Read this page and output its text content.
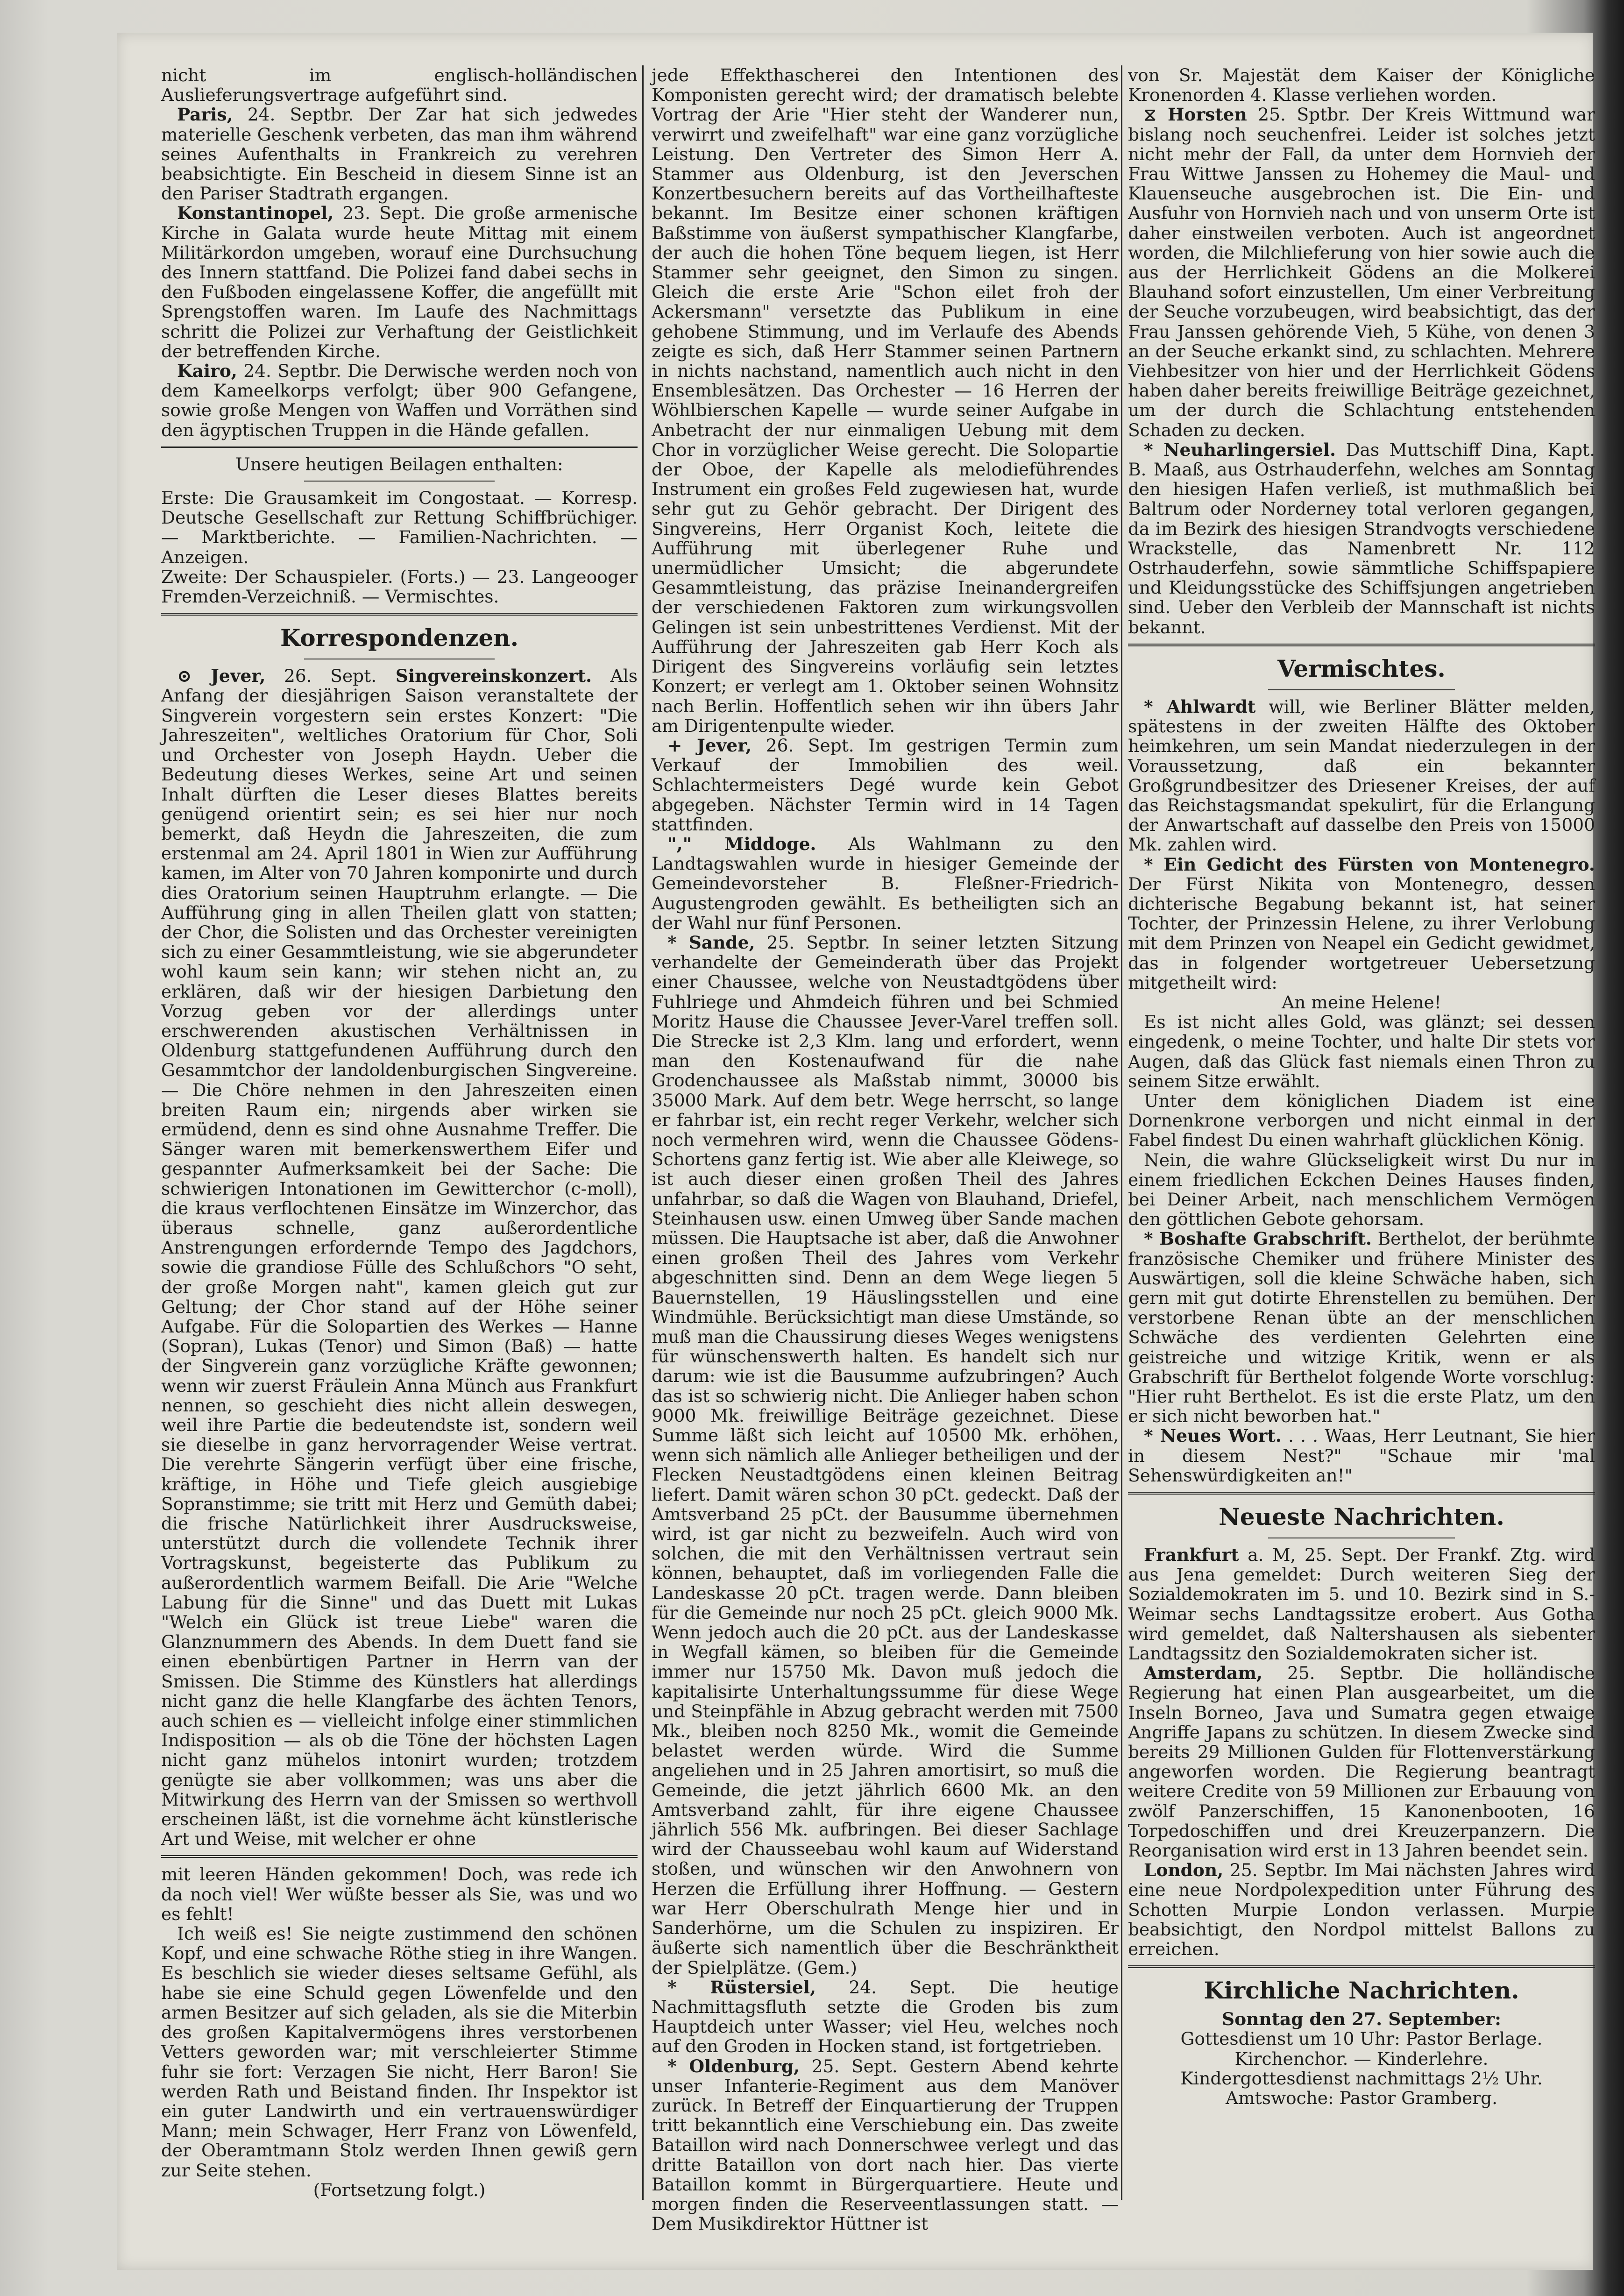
nicht im englisch-holländischen Auslieferungsvertrage aufgeführt sind.

Paris, 24. Septbr. Der Zar hat sich jedwedes materielle Geschenk verbeten, das man ihm während seines Aufenthalts in Frankreich zu verehren beabsichtigte. Ein Bescheid in diesem Sinne ist an den Pariser Stadtrath ergangen.

Konstantinopel, 23. Sept. Die große armenische Kirche in Galata wurde heute Mittag mit einem Militärkordon umgeben, worauf eine Durchsuchung des Innern stattfand. Die Polizei fand dabei sechs in den Fußboden eingelassene Koffer, die angefüllt mit Sprengstoffen waren. Im Laufe des Nachmittags schritt die Polizei zur Verhaftung der Geistlichkeit der betreffenden Kirche.

Kairo, 24. Septbr. Die Derwische werden noch von dem Kameelkorps verfolgt; über 900 Gefangene, sowie große Mengen von Waffen und Vorräthen sind den ägyptischen Truppen in die Hände gefallen.

Unsere heutigen Beilagen enthalten:

Erste: Die Grausamkeit im Congostaat. — Korresp. Deutsche Gesellschaft zur Rettung Schiffbrüchiger. — Marktberichte. — Familien-Nachrichten. — Anzeigen.

Zweite: Der Schauspieler. (Forts.) — 23. Langeooger Fremden-Verzeichniß. — Vermischtes.

Korrespondenzen.

⊙ Jever, 26. Sept. Singvereinskonzert. Als Anfang der diesjährigen Saison veranstaltete der Singverein vorgestern sein erstes Konzert: "Die Jahreszeiten", weltliches Oratorium für Chor, Soli und Orchester von Joseph Haydn. Ueber die Bedeutung dieses Werkes, seine Art und seinen Inhalt dürften die Leser dieses Blattes bereits genügend orientirt sein; es sei hier nur noch bemerkt, daß Heydn die Jahreszeiten, die zum erstenmal am 24. April 1801 in Wien zur Aufführung kamen, im Alter von 70 Jahren komponirte und durch dies Oratorium seinen Hauptruhm erlangte. — Die Aufführung ging in allen Theilen glatt von statten; der Chor, die Solisten und das Orchester vereinigten sich zu einer Gesammtleistung, wie sie abgerundeter wohl kaum sein kann; wir stehen nicht an, zu erklären, daß wir der hiesigen Darbietung den Vorzug geben vor der allerdings unter erschwerenden akustischen Verhältnissen in Oldenburg stattgefundenen Aufführung durch den Gesammtchor der landoldenburgischen Singvereine. — Die Chöre nehmen in den Jahreszeiten einen breiten Raum ein; nirgends aber wirken sie ermüdend, denn es sind ohne Ausnahme Treffer. Die Sänger waren mit bemerkenswerthem Eifer und gespannter Aufmerksamkeit bei der Sache: Die schwierigen Intonationen im Gewitterchor (c-moll), die kraus verflochtenen Einsätze im Winzerchor, das überaus schnelle, ganz außerordentliche Anstrengungen erfordernde Tempo des Jagdchors, sowie die grandiose Fülle des Schlußchors "O seht, der große Morgen naht", kamen gleich gut zur Geltung; der Chor stand auf der Höhe seiner Aufgabe. Für die Solopartien des Werkes — Hanne (Sopran), Lukas (Tenor) und Simon (Baß) — hatte der Singverein ganz vorzügliche Kräfte gewonnen; wenn wir zuerst Fräulein Anna Münch aus Frankfurt nennen, so geschieht dies nicht allein deswegen, weil ihre Partie die bedeutendste ist, sondern weil sie dieselbe in ganz hervorragender Weise vertrat. Die verehrte Sängerin verfügt über eine frische, kräftige, in Höhe und Tiefe gleich ausgiebige Sopranstimme; sie tritt mit Herz und Gemüth dabei; die frische Natürlichkeit ihrer Ausdrucksweise, unterstützt durch die vollendete Technik ihrer Vortragskunst, begeisterte das Publikum zu außerordentlich warmem Beifall. Die Arie "Welche Labung für die Sinne" und das Duett mit Lukas "Welch ein Glück ist treue Liebe" waren die Glanznummern des Abends. In dem Duett fand sie einen ebenbürtigen Partner in Herrn van der Smissen. Die Stimme des Künstlers hat allerdings nicht ganz die helle Klangfarbe des ächten Tenors, auch schien es — vielleicht infolge einer stimmlichen Indisposition — als ob die Töne der höchsten Lagen nicht ganz mühelos intonirt wurden; trotzdem genügte sie aber vollkommen; was uns aber die Mitwirkung des Herrn van der Smissen so werthvoll erscheinen läßt, ist die vornehme ächt künstlerische Art und Weise, mit welcher er ohne

mit leeren Händen gekommen! Doch, was rede ich da noch viel! Wer wüßte besser als Sie, was und wo es fehlt!

Ich weiß es! Sie neigte zustimmend den schönen Kopf, und eine schwache Röthe stieg in ihre Wangen. Es beschlich sie wieder dieses seltsame Gefühl, als habe sie eine Schuld gegen Löwenfelde und den armen Besitzer auf sich geladen, als sie die Miterbin des großen Kapitalvermögens ihres verstorbenen Vetters geworden war; mit verschleierter Stimme fuhr sie fort: Verzagen Sie nicht, Herr Baron! Sie werden Rath und Beistand finden. Ihr Inspektor ist ein guter Landwirth und ein vertrauenswürdiger Mann; mein Schwager, Herr Franz von Löwenfeld, der Oberamtmann Stolz werden Ihnen gewiß gern zur Seite stehen.

(Fortsetzung folgt.)

jede Effekthascherei den Intentionen des Komponisten gerecht wird; der dramatisch belebte Vortrag der Arie "Hier steht der Wanderer nun, verwirrt und zweifelhaft" war eine ganz vorzügliche Leistung. Den Vertreter des Simon Herr A. Stammer aus Oldenburg, ist den Jeverschen Konzertbesuchern bereits auf das Vortheilhafteste bekannt. Im Besitze einer schonen kräftigen Baßstimme von äußerst sympathischer Klangfarbe, der auch die hohen Töne bequem liegen, ist Herr Stammer sehr geeignet, den Simon zu singen. Gleich die erste Arie "Schon eilet froh der Ackersmann" versetzte das Publikum in eine gehobene Stimmung, und im Verlaufe des Abends zeigte es sich, daß Herr Stammer seinen Partnern in nichts nachstand, namentlich auch nicht in den Ensemblesätzen. Das Orchester — 16 Herren der Wöhlbierschen Kapelle — wurde seiner Aufgabe in Anbetracht der nur einmaligen Uebung mit dem Chor in vorzüglicher Weise gerecht. Die Solopartie der Oboe, der Kapelle als melodieführendes Instrument ein großes Feld zugewiesen hat, wurde sehr gut zu Gehör gebracht. Der Dirigent des Singvereins, Herr Organist Koch, leitete die Aufführung mit überlegener Ruhe und unermüdlicher Umsicht; die abgerundete Gesammtleistung, das präzise Ineinandergreifen der verschiedenen Faktoren zum wirkungsvollen Gelingen ist sein unbestrittenes Verdienst. Mit der Aufführung der Jahreszeiten gab Herr Koch als Dirigent des Singvereins vorläufig sein letztes Konzert; er verlegt am 1. Oktober seinen Wohnsitz nach Berlin. Hoffentlich sehen wir ihn übers Jahr am Dirigentenpulte wieder.

+ Jever, 26. Sept. Im gestrigen Termin zum Verkauf der Immobilien des weil. Schlachtermeisters Degé wurde kein Gebot abgegeben. Nächster Termin wird in 14 Tagen stattfinden.

"," Middoge. Als Wahlmann zu den Landtagswahlen wurde in hiesiger Gemeinde der Gemeindevorsteher B. Fleßner-Friedrich-Augustengroden gewählt. Es betheiligten sich an der Wahl nur fünf Personen.

* Sande, 25. Septbr. In seiner letzten Sitzung verhandelte der Gemeinderath über das Projekt einer Chaussee, welche von Neustadtgödens über Fuhlriege und Ahmdeich führen und bei Schmied Moritz Hause die Chaussee Jever-Varel treffen soll. Die Strecke ist 2,3 Klm. lang und erfordert, wenn man den Kostenaufwand für die nahe Grodenchaussee als Maßstab nimmt, 30000 bis 35000 Mark. Auf dem betr. Wege herrscht, so lange er fahrbar ist, ein recht reger Verkehr, welcher sich noch vermehren wird, wenn die Chaussee Gödens-Schortens ganz fertig ist. Wie aber alle Kleiwege, so ist auch dieser einen großen Theil des Jahres unfahrbar, so daß die Wagen von Blauhand, Driefel, Steinhausen usw. einen Umweg über Sande machen müssen. Die Hauptsache ist aber, daß die Anwohner einen großen Theil des Jahres vom Verkehr abgeschnitten sind. Denn an dem Wege liegen 5 Bauernstellen, 19 Häuslingsstellen und eine Windmühle. Berücksichtigt man diese Umstände, so muß man die Chaussirung dieses Weges wenigstens für wünschenswerth halten. Es handelt sich nur darum: wie ist die Bausumme aufzubringen? Auch das ist so schwierig nicht. Die Anlieger haben schon 9000 Mk. freiwillige Beiträge gezeichnet. Diese Summe läßt sich leicht auf 10500 Mk. erhöhen, wenn sich nämlich alle Anlieger betheiligen und der Flecken Neustadtgödens einen kleinen Beitrag liefert. Damit wären schon 30 pCt. gedeckt. Daß der Amtsverband 25 pCt. der Bausumme übernehmen wird, ist gar nicht zu bezweifeln. Auch wird von solchen, die mit den Verhältnissen vertraut sein können, behauptet, daß im vorliegenden Falle die Landeskasse 20 pCt. tragen werde. Dann bleiben für die Gemeinde nur noch 25 pCt. gleich 9000 Mk. Wenn jedoch auch die 20 pCt. aus der Landeskasse in Wegfall kämen, so bleiben für die Gemeinde immer nur 15750 Mk. Davon muß jedoch die kapitalisirte Unterhaltungssumme für diese Wege und Steinpfähle in Abzug gebracht werden mit 7500 Mk., bleiben noch 8250 Mk., womit die Gemeinde belastet werden würde. Wird die Summe angeliehen und in 25 Jahren amortisirt, so muß die Gemeinde, die jetzt jährlich 6600 Mk. an den Amtsverband zahlt, für ihre eigene Chaussee jährlich 556 Mk. aufbringen. Bei dieser Sachlage wird der Chausseebau wohl kaum auf Widerstand stoßen, und wünschen wir den Anwohnern von Herzen die Erfüllung ihrer Hoffnung. — Gestern war Herr Oberschulrath Menge hier und in Sanderhörne, um die Schulen zu inspiziren. Er äußerte sich namentlich über die Beschränktheit der Spielplätze. (Gem.)

* Rüstersiel, 24. Sept. Die heutige Nachmittagsfluth setzte die Groden bis zum Hauptdeich unter Wasser; viel Heu, welches noch auf den Groden in Hocken stand, ist fortgetrieben.

* Oldenburg, 25. Sept. Gestern Abend kehrte unser Infanterie-Regiment aus dem Manöver zurück. In Betreff der Einquartierung der Truppen tritt bekanntlich eine Verschiebung ein. Das zweite Bataillon wird nach Donnerschwee verlegt und das dritte Bataillon von dort nach hier. Das vierte Bataillon kommt in Bürgerquartiere. Heute und morgen finden die Reserveentlassungen statt. — Dem Musikdirektor Hüttner ist

von Sr. Majestät dem Kaiser der Königliche Kronenorden 4. Klasse verliehen worden.

⧖ Horsten 25. Sptbr. Der Kreis Wittmund war bislang noch seuchenfrei. Leider ist solches jetzt nicht mehr der Fall, da unter dem Hornvieh der Frau Wittwe Janssen zu Hohemey die Maul- und Klauenseuche ausgebrochen ist. Die Ein- und Ausfuhr von Hornvieh nach und von unserm Orte ist daher einstweilen verboten. Auch ist angeordnet worden, die Milchlieferung von hier sowie auch die aus der Herrlichkeit Gödens an die Molkerei Blauhand sofort einzustellen, Um einer Verbreitung der Seuche vorzubeugen, wird beabsichtigt, das der Frau Janssen gehörende Vieh, 5 Kühe, von denen 3 an der Seuche erkankt sind, zu schlachten. Mehrere Viehbesitzer von hier und der Herrlichkeit Gödens haben daher bereits freiwillige Beiträge gezeichnet, um der durch die Schlachtung entstehenden Schaden zu decken.

* Neuharlingersiel. Das Muttschiff Dina, Kapt. B. Maaß, aus Ostrhauderfehn, welches am Sonntag den hiesigen Hafen verließ, ist muthmaßlich bei Baltrum oder Norderney total verloren gegangen, da im Bezirk des hiesigen Strandvogts verschiedene Wrackstelle, das Namenbrett Nr. 112 Ostrhauderfehn, sowie sämmtliche Schiffspapiere und Kleidungsstücke des Schiffsjungen angetrieben sind. Ueber den Verbleib der Mannschaft ist nichts bekannt.

Vermischtes.

* Ahlwardt will, wie Berliner Blätter melden, spätestens in der zweiten Hälfte des Oktober heimkehren, um sein Mandat niederzulegen in der Voraussetzung, daß ein bekannter Großgrundbesitzer des Driesener Kreises, der auf das Reichstagsmandat spekulirt, für die Erlangung der Anwartschaft auf dasselbe den Preis von 15000 Mk. zahlen wird.

* Ein Gedicht des Fürsten von Montenegro. Der Fürst Nikita von Montenegro, dessen dichterische Begabung bekannt ist, hat seiner Tochter, der Prinzessin Helene, zu ihrer Verlobung mit dem Prinzen von Neapel ein Gedicht gewidmet, das in folgender wortgetreuer Uebersetzung mitgetheilt wird:

An meine Helene!

Es ist nicht alles Gold, was glänzt; sei dessen eingedenk, o meine Tochter, und halte Dir stets vor Augen, daß das Glück fast niemals einen Thron zu seinem Sitze erwählt.

Unter dem königlichen Diadem ist eine Dornenkrone verborgen und nicht einmal in der Fabel findest Du einen wahrhaft glücklichen König.

Nein, die wahre Glückseligkeit wirst Du nur in einem friedlichen Eckchen Deines Hauses finden, bei Deiner Arbeit, nach menschlichem Vermögen den göttlichen Gebote gehorsam.

* Boshafte Grabschrift. Berthelot, der berühmte französische Chemiker und frühere Minister des Auswärtigen, soll die kleine Schwäche haben, sich gern mit gut dotirte Ehrenstellen zu bemühen. Der verstorbene Renan übte an der menschlichen Schwäche des verdienten Gelehrten eine geistreiche und witzige Kritik, wenn er als Grabschrift für Berthelot folgende Worte vorschlug: "Hier ruht Berthelot. Es ist die erste Platz, um den er sich nicht beworben hat."

* Neues Wort. . . . Waas, Herr Leutnant, Sie hier in diesem Nest?" "Schaue mir 'mal Sehenswürdigkeiten an!"

Neueste Nachrichten.

Frankfurt a. M, 25. Sept. Der Frankf. Ztg. wird aus Jena gemeldet: Durch weiteren Sieg der Sozialdemokraten im 5. und 10. Bezirk sind in S.-Weimar sechs Landtagssitze erobert. Aus Gotha wird gemeldet, daß Naltershausen als siebenter Landtagssitz den Sozialdemokraten sicher ist.

Amsterdam, 25. Septbr. Die holländische Regierung hat einen Plan ausgearbeitet, um die Inseln Borneo, Java und Sumatra gegen etwaige Angriffe Japans zu schützen. In diesem Zwecke sind bereits 29 Millionen Gulden für Flottenverstärkung angeworfen worden. Die Regierung beantragt weitere Credite von 59 Millionen zur Erbauung von zwölf Panzerschiffen, 15 Kanonenbooten, 16 Torpedoschiffen und drei Kreuzerpanzern. Die Reorganisation wird erst in 13 Jahren beendet sein.

London, 25. Septbr. Im Mai nächsten Jahres wird eine neue Nordpolexpedition unter Führung des Schotten Murpie London verlassen. Murpie beabsichtigt, den Nordpol mittelst Ballons zu erreichen.

Kirchliche Nachrichten.

Sonntag den 27. September:

Gottesdienst um 10 Uhr: Pastor Berlage.

Kirchenchor. — Kinderlehre.

Kindergottesdienst nachmittags 2½ Uhr.

Amtswoche: Pastor Gramberg.
